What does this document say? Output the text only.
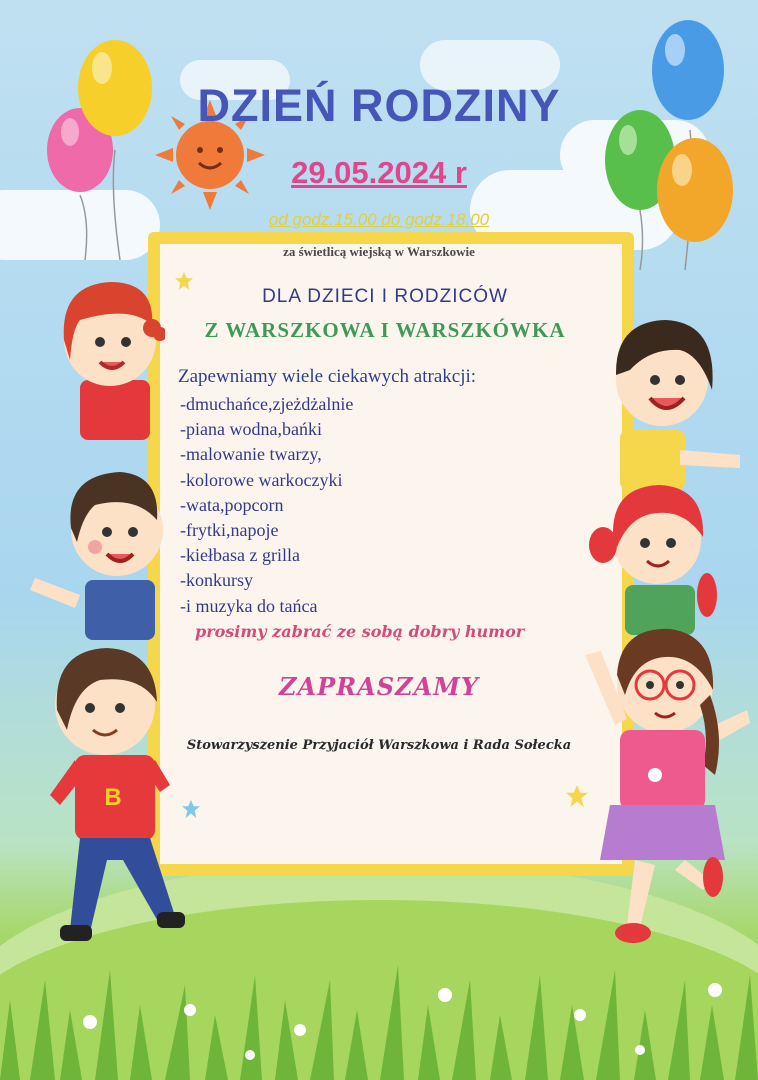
B
DZIEŃ RODZINY
29.05.2024 r
od godz.15.00 do godz.18.00
za świetlicą wiejską w Warszkowie
DLA DZIECI I RODZICÓW
Z WARSZKOWA I WARSZKÓWKA
Zapewniamy wiele ciekawych atrakcji:
-dmuchańce,zjeżdżalnie
-piana wodna,bańki
-malowanie twarzy,
-kolorowe warkoczyki
-wata,popcorn
-frytki,napoje
-kiełbasa z grilla
-konkursy
-i muzyka do tańca
prosimy zabrać ze sobą dobry humor
ZAPRASZAMY
Stowarzyszenie Przyjaciół Warszkowa i Rada Sołecka
